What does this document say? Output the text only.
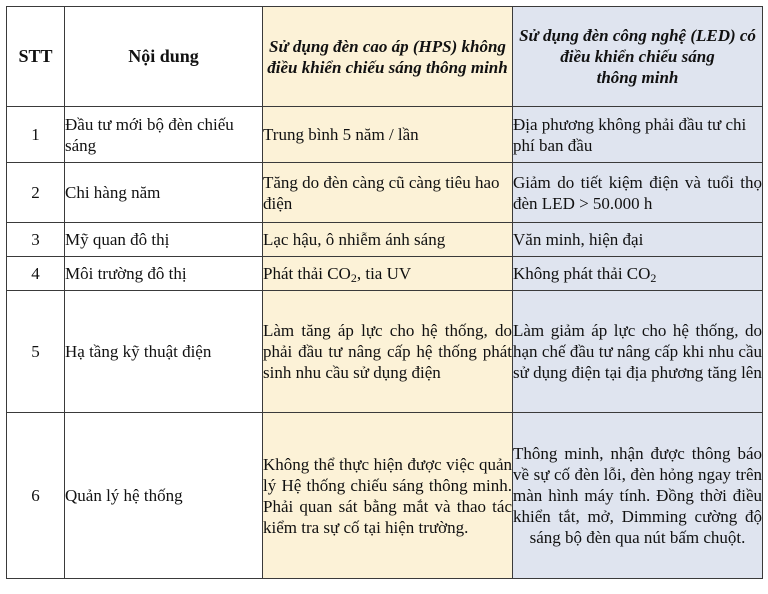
STT	Nội dung	Sử dụng đèn cao áp (HPS) không điều khiển chiếu sáng thông minh	Sử dụng đèn công nghệ (LED) có điều khiển chiếu sáng
thông minh
1	Đầu tư mới bộ đèn chiếu sáng	Trung bình 5 năm / lần	Địa phương không phải đầu tư chi phí ban đầu
2	Chi hàng năm	Tăng do đèn càng cũ càng tiêu hao điện	Giảm do tiết kiệm điện và tuổi thọ đèn LED > 50.000 h
3	Mỹ quan đô thị	Lạc hậu, ô nhiễm ánh sáng	Văn minh, hiện đại
4	Môi trường đô thị	Phát thải $CO_2$, tia UV	Không phát thải $CO_2$
5	Hạ tầng kỹ thuật điện	Làm tăng áp lực cho hệ thống, do phải đầu tư nâng cấp hệ thống phát sinh nhu cầu sử dụng điện	Làm giảm áp lực cho hệ thống, do hạn chế đầu tư nâng cấp khi nhu cầu sử dụng điện tại địa phương tăng lên
6	Quản lý hệ thống	Không thể thực hiện được việc quản lý Hệ thống chiếu sáng thông minh. Phải quan sát bằng mắt và thao tác kiểm tra sự cố tại hiện trường.	Thông minh, nhận được thông báo về sự cố đèn lỗi, đèn hỏng ngay trên màn hình máy tính. Đồng thời điều khiển tắt, mở, Dimming cường độ sáng bộ đèn qua nút bấm chuột.
